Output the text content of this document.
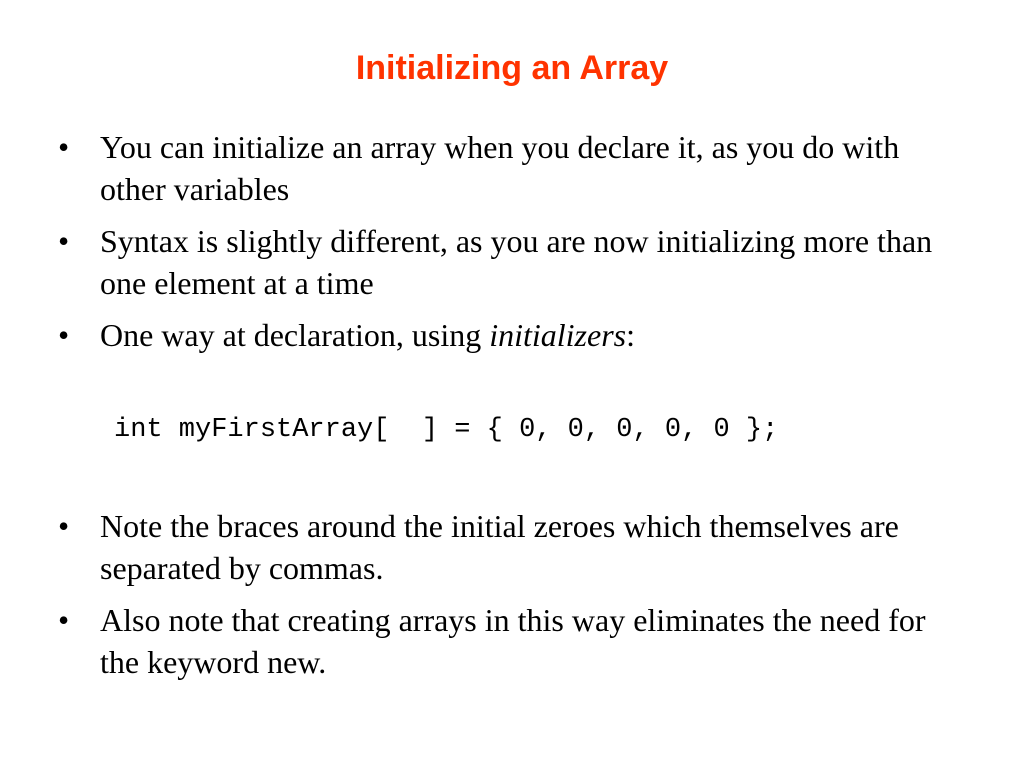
Initializing an Array
• You can initialize an array when you declare it, as you do with other variables
• Syntax is slightly different, as you are now initializing more than one element at a time
• One way at declaration, using initializers:
int myFirstArray[  ] = { 0, 0, 0, 0, 0 };
• Note the braces around the initial zeroes which themselves are separated by commas.
• Also note that creating arrays in this way eliminates the need for the keyword new.
